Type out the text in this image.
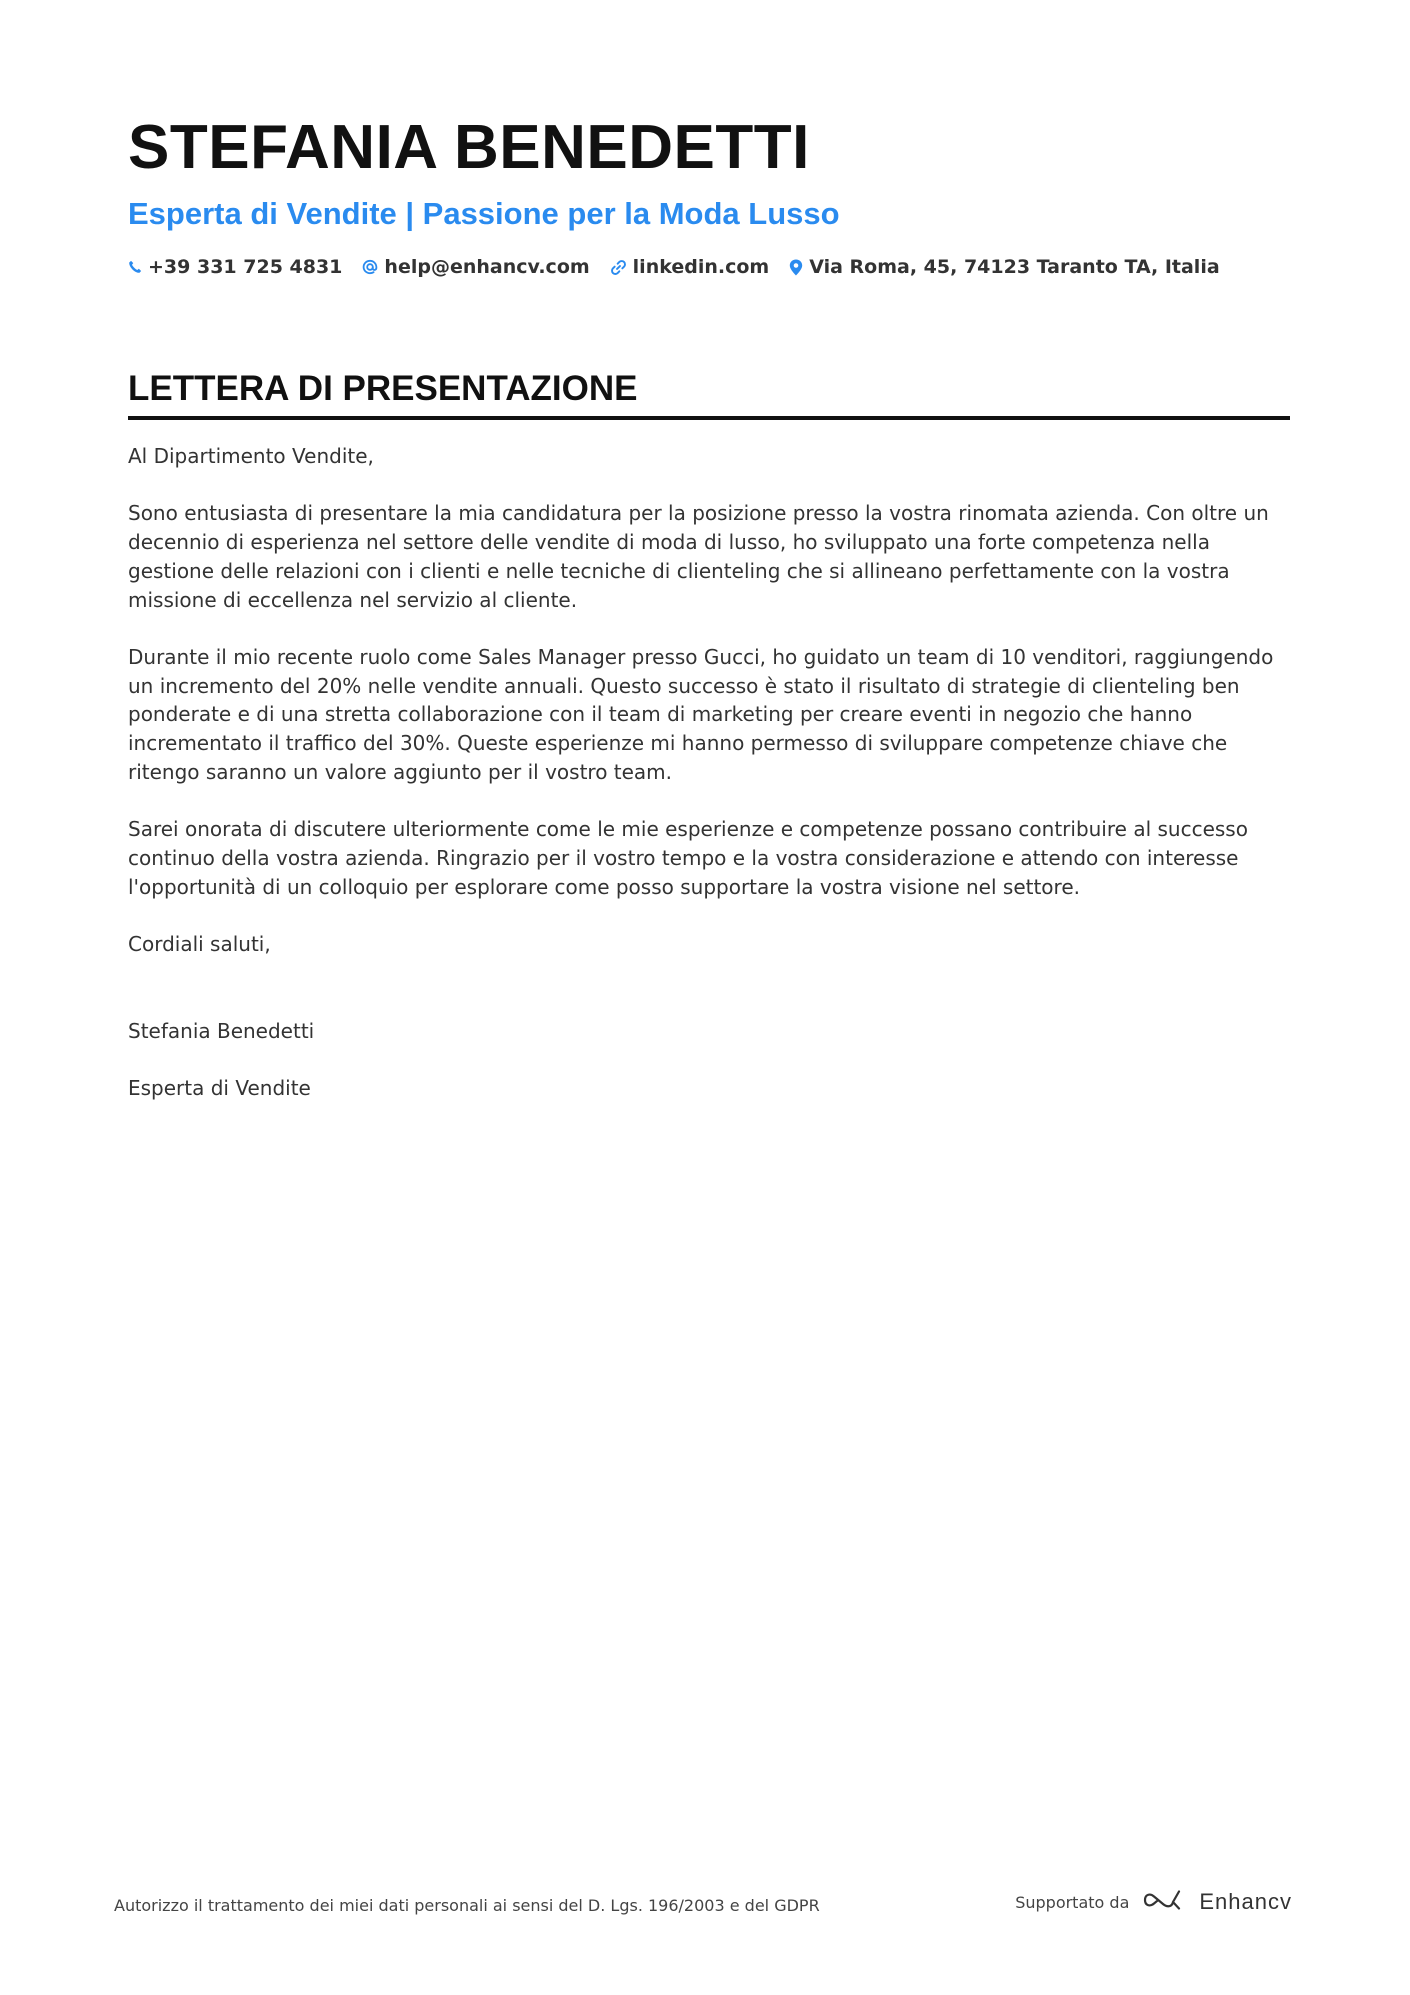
STEFANIA BENEDETTI
Esperta di Vendite | Passione per la Moda Lusso
+39 331 725 4831 help@enhancv.com linkedin.com Via Roma, 45, 74123 Taranto TA, Italia
LETTERA DI PRESENTAZIONE

Al Dipartimento Vendite,

Sono entusiasta di presentare la mia candidatura per la posizione presso la vostra rinomata azienda. Con oltre un decennio di esperienza nel settore delle vendite di moda di lusso, ho sviluppato una forte competenza nella gestione delle relazioni con i clienti e nelle tecniche di clienteling che si allineano perfettamente con la vostra missione di eccellenza nel servizio al cliente.

Durante il mio recente ruolo come Sales Manager presso Gucci, ho guidato un team di 10 venditori, raggiungendo un incremento del 20% nelle vendite annuali. Questo successo è stato il risultato di strategie di clienteling ben ponderate e di una stretta collaborazione con il team di marketing per creare eventi in negozio che hanno incrementato il traffico del 30%. Queste esperienze mi hanno permesso di sviluppare competenze chiave che ritengo saranno un valore aggiunto per il vostro team.

Sarei onorata di discutere ulteriormente come le mie esperienze e competenze possano contribuire al successo continuo della vostra azienda. Ringrazio per il vostro tempo e la vostra considerazione e attendo con interesse l'opportunità di un colloquio per esplorare come posso supportare la vostra visione nel settore.

Cordiali saluti,

Stefania Benedetti

Esperta di Vendite

Autorizzo il trattamento dei miei dati personali ai sensi del D. Lgs. 196/2003 e del GDPR	Supportato da	Enhancv
